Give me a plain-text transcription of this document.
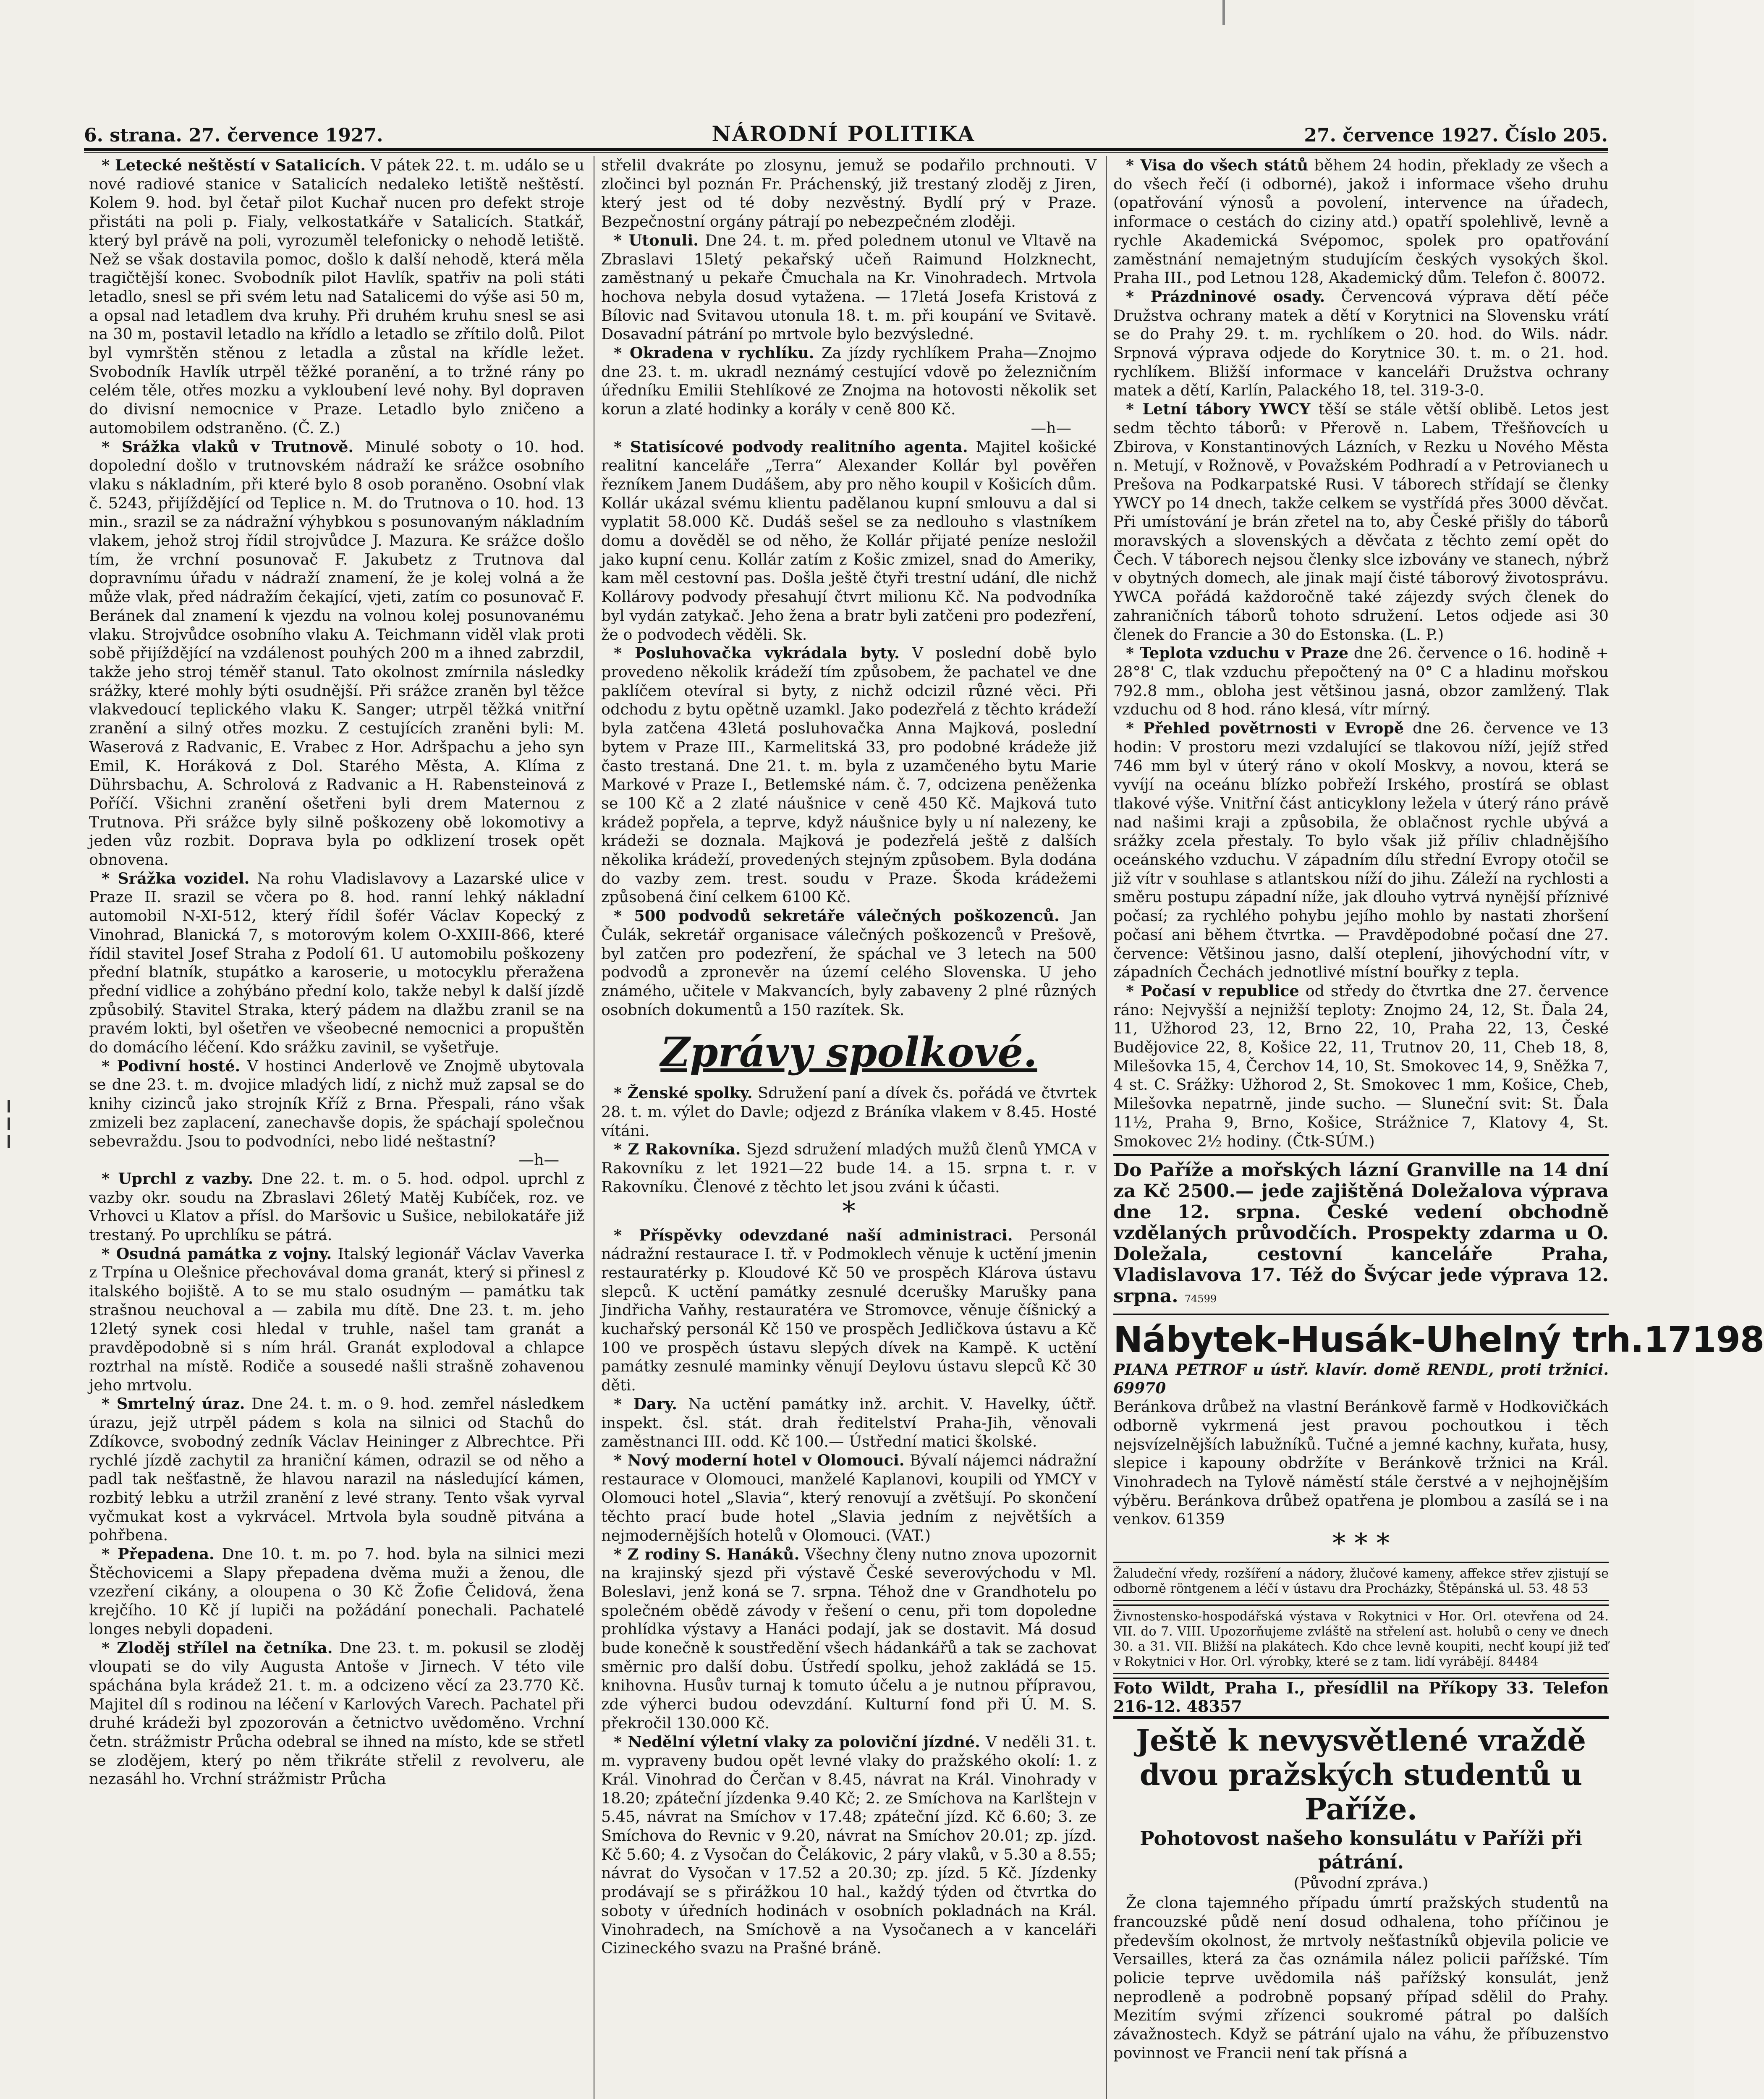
6. strana. 27. července 1927.	NÁRODNÍ POLITIKA	27. července 1927. Číslo 205.

* Letecké neštěstí v Satalicích. V pátek 22. t. m. událo se u nové radiové stanice v Satalicích nedaleko letiště neštěstí. Kolem 9. hod. byl četař pilot Kuchař nucen pro defekt stroje přistáti na poli p. Fialy, velkostatkáře v Satalicích. Statkář, který byl právě na poli, vyrozuměl telefonicky o nehodě letiště. Než se však dostavila pomoc, došlo k další nehodě, která měla tragičtější konec. Svobodník pilot Havlík, spatřiv na poli státi letadlo, snesl se při svém letu nad Satalicemi do výše asi 50 m, a opsal nad letadlem dva kruhy. Při druhém kruhu snesl se asi na 30 m, postavil letadlo na křídlo a letadlo se zřítilo dolů. Pilot byl vymrštěn stěnou z letadla a zůstal na křídle ležet. Svobodník Havlík utrpěl těžké poranění, a to tržné rány po celém těle, otřes mozku a vykloubení levé nohy. Byl dopraven do divisní nemocnice v Praze. Letadlo bylo zničeno a automobilem odstraněno. (Č. Z.)

* Srážka vlaků v Trutnově. Minulé soboty o 10. hod. dopolední došlo v trutnovském nádraží ke srážce osobního vlaku s nákladním, při které bylo 8 osob poraněno. Osobní vlak č. 5243, přijíždějící od Teplice n. M. do Trutnova o 10. hod. 13 min., srazil se za nádražní výhybkou s posunovaným nákladním vlakem, jehož stroj řídil strojvůdce J. Mazura. Ke srážce došlo tím, že vrchní posunovač F. Jakubetz z Trutnova dal dopravnímu úřadu v nádraží znamení, že je kolej volná a že může vlak, před nádražím čekající, vjeti, zatím co posunovač F. Beránek dal znamení k vjezdu na volnou kolej posunovanému vlaku. Strojvůdce osobního vlaku A. Teichmann viděl vlak proti sobě přijíždějící na vzdálenost pouhých 200 m a ihned zabrzdil, takže jeho stroj téměř stanul. Tato okolnost zmírnila následky srážky, které mohly býti osudnější. Při srážce zraněn byl těžce vlakvedoucí teplického vlaku K. Sanger; utrpěl těžká vnitřní zranění a silný otřes mozku. Z cestujících zraněni byli: M. Waserová z Radvanic, E. Vrabec z Hor. Adršpachu a jeho syn Emil, K. Horáková z Dol. Starého Města, A. Klíma z Dührsbachu, A. Schrolová z Radvanic a H. Rabensteinová z Poříčí. Všichni zranění ošetřeni byli drem Maternou z Trutnova. Při srážce byly silně poškozeny obě lokomotivy a jeden vůz rozbit. Doprava byla po odklizení trosek opět obnovena.

* Srážka vozidel. Na rohu Vladislavovy a Lazarské ulice v Praze II. srazil se včera po 8. hod. ranní lehký nákladní automobil N-XI-512, který řídil šofér Václav Kopecký z Vinohrad, Blanická 7, s motorovým kolem O-XXIII-866, které řídil stavitel Josef Straha z Podolí 61. U automobilu poškozeny přední blatník, stupátko a karoserie, u motocyklu přeražena přední vidlice a zohýbáno přední kolo, takže nebyl k další jízdě způsobilý. Stavitel Straka, který pádem na dlažbu zranil se na pravém lokti, byl ošetřen ve všeobecné nemocnici a propuštěn do domácího léčení. Kdo srážku zavinil, se vyšetřuje.

* Podivní hosté. V hostinci Anderlově ve Znojmě ubytovala se dne 23. t. m. dvojice mladých lidí, z nichž muž zapsal se do knihy cizinců jako strojník Kříž z Brna. Přespali, ráno však zmizeli bez zaplacení, zanechavše dopis, že spáchají společnou sebevraždu. Jsou to podvodníci, nebo lidé neštastní?

—h—

* Uprchl z vazby. Dne 22. t. m. o 5. hod. odpol. uprchl z vazby okr. soudu na Zbraslavi 26letý Matěj Kubíček, roz. ve Vrhovci u Klatov a přísl. do Maršovic u Sušice, nebilokatáře již trestaný. Po uprchlíku se pátrá.

* Osudná památka z vojny. Italský legionář Václav Vaverka z Trpína u Olešnice přechovával doma granát, který si přinesl z italského bojiště. A to se mu stalo osudným — památku tak strašnou neuchoval a — zabila mu dítě. Dne 23. t. m. jeho 12letý synek cosi hledal v truhle, našel tam granát a pravděpodobně si s ním hrál. Granát explodoval a chlapce roztrhal na místě. Rodiče a sousedé našli strašně zohavenou jeho mrtvolu.

* Smrtelný úraz. Dne 24. t. m. o 9. hod. zemřel následkem úrazu, jejž utrpěl pádem s kola na silnici od Stachů do Zdíkovce, svobodný zedník Václav Heininger z Albrechtce. Při rychlé jízdě zachytil za hraniční kámen, odrazil se od něho a padl tak nešťastně, že hlavou narazil na následující kámen, rozbitý lebku a utržil zranění z levé strany. Tento však vyrval vyčmukat kost a vykrvácel. Mrtvola byla soudně pitvána a pohřbena.

* Přepadena. Dne 10. t. m. po 7. hod. byla na silnici mezi Štěchovicemi a Slapy přepadena dvěma muži a ženou, dle vzezření cikány, a oloupena o 30 Kč Žofie Čelidová, žena krejčího. 10 Kč jí lupiči na požádání ponechali. Pachatelé longes nebyli dopadeni.

* Zloděj střílel na četníka. Dne 23. t. m. pokusil se zloděj vloupati se do vily Augusta Antoše v Jirnech. V této vile spáchána byla krádež 21. t. m. a odcizeno věcí za 23.770 Kč. Majitel díl s rodinou na léčení v Karlových Varech. Pachatel při druhé krádeži byl zpozorován a četnictvo uvědoměno. Vrchní četn. strážmistr Průcha odebral se ihned na místo, kde se střetl se zlodějem, který po něm třikráte střelil z revolveru, ale nezasáhl ho. Vrchní strážmistr Průcha

střelil dvakráte po zlosynu, jemuž se podařilo prchnouti. V zločinci byl poznán Fr. Práchenský, již trestaný zloděj z Jiren, který jest od té doby nezvěstný. Bydlí prý v Praze. Bezpečnostní orgány pátrají po nebezpečném zloději.

* Utonuli. Dne 24. t. m. před polednem utonul ve Vltavě na Zbraslavi 15letý pekařský učeň Raimund Holzknecht, zaměstnaný u pekaře Čmuchala na Kr. Vinohradech. Mrtvola hochova nebyla dosud vytažena. — 17letá Josefa Kristová z Bílovic nad Svitavou utonula 18. t. m. při koupání ve Svitavě. Dosavadní pátrání po mrtvole bylo bezvýsledné.

* Okradena v rychlíku. Za jízdy rychlíkem Praha—Znojmo dne 23. t. m. ukradl neznámý cestující vdově po železničním úředníku Emilii Stehlíkové ze Znojma na hotovosti několik set korun a zlaté hodinky a korály v ceně 800 Kč.

—h—

* Statisícové podvody realitního agenta. Majitel košické realitní kanceláře „Terra“ Alexander Kollár byl pověřen řezníkem Janem Dudášem, aby pro něho koupil v Košicích dům. Kollár ukázal svému klientu padělanou kupní smlouvu a dal si vyplatit 58.000 Kč. Dudáš sešel se za nedlouho s vlastníkem domu a dověděl se od něho, že Kollár přijaté peníze nesložil jako kupní cenu. Kollár zatím z Košic zmizel, snad do Ameriky, kam měl cestovní pas. Došla ještě čtyři trestní udání, dle nichž Kollárovy podvody přesahují čtvrt milionu Kč. Na podvodníka byl vydán zatykač. Jeho žena a bratr byli zatčeni pro podezření, že o podvodech věděli. Sk.

* Posluhovačka vykrádala byty. V poslední době bylo provedeno několik krádeží tím způsobem, že pachatel ve dne paklíčem otevíral si byty, z nichž odcizil různé věci. Při odchodu z bytu opětně uzamkl. Jako podezřelá z těchto krádeží byla zatčena 43letá posluhovačka Anna Majková, poslední bytem v Praze III., Karmelitská 33, pro podobné krádeže již často trestaná. Dne 21. t. m. byla z uzamčeného bytu Marie Markové v Praze I., Betlemské nám. č. 7, odcizena peněženka se 100 Kč a 2 zlaté náušnice v ceně 450 Kč. Majková tuto krádež popřela, a teprve, když náušnice byly u ní nalezeny, ke krádeži se doznala. Majková je podezřelá ještě z dalších několika krádeží, provedených stejným způsobem. Byla dodána do vazby zem. trest. soudu v Praze. Škoda krádežemi způsobená činí celkem 6100 Kč.

* 500 podvodů sekretáře válečných poškozenců. Jan Čulák, sekretář organisace válečných poškozenců v Prešově, byl zatčen pro podezření, že spáchal ve 3 letech na 500 podvodů a zpronevěr na území celého Slovenska. U jeho známého, učitele v Makvancích, byly zabaveny 2 plné různých osobních dokumentů a 150 razítek. Sk.

Zprávy spolkové.

* Ženské spolky. Sdružení paní a dívek čs. pořádá ve čtvrtek 28. t. m. výlet do Davle; odjezd z Bráníka vlakem v 8.45. Hosté vítáni.

* Z Rakovníka. Sjezd sdružení mladých mužů členů YMCA v Rakovníku z let 1921—22 bude 14. a 15. srpna t. r. v Rakovníku. Členové z těchto let jsou zváni k účasti.

*

* Příspěvky odevzdané naší administraci. Personál nádražní restaurace I. tř. v Podmoklech věnuje k uctění jmenin restauratérky p. Kloudové Kč 50 ve prospěch Klárova ústavu slepců. K uctění památky zesnulé dcerušky Marušky pana Jindřicha Vaňhy, restauratéra ve Stromovce, věnuje číšnický a kuchařský personál Kč 150 ve prospěch Jedličkova ústavu a Kč 100 ve prospěch ústavu slepých dívek na Kampě. K uctění památky zesnulé maminky věnují Deylovu ústavu slepců Kč 30 děti.

* Dary. Na uctění památky inž. archit. V. Havelky, účtř. inspekt. čsl. stát. drah ředitelství Praha-Jih, věnovali zaměstnanci III. odd. Kč 100.— Ústřední matici školské.

* Nový moderní hotel v Olomouci. Bývalí nájemci nádražní restaurace v Olomouci, manželé Kaplanovi, koupili od YMCY v Olomouci hotel „Slavia“, který renovují a zvětšují. Po skončení těchto prací bude hotel „Slavia jedním z největších a nejmodernějších hotelů v Olomouci. (VAT.)

* Z rodiny S. Hanáků. Všechny členy nutno znova upozornit na krajinský sjezd při výstavě České severovýchodu v Ml. Boleslavi, jenž koná se 7. srpna. Téhož dne v Grandhotelu po společném obědě závody v řešení o cenu, při tom dopoledne prohlídka výstavy a Hanáci podají, jak se dostavit. Má dosud bude konečně k soustředění všech hádankářů a tak se zachovat směrnic pro další dobu. Ústředí spolku, jehož zakládá se 15. knihovna. Husův turnaj k tomuto účelu a je nutnou přípravou, zde výherci budou odevzdání. Kulturní fond při Ú. M. S. překročil 130.000 Kč.

* Nedělní výletní vlaky za poloviční jízdné. V neděli 31. t. m. vypraveny budou opět levné vlaky do pražského okolí: 1. z Král. Vinohrad do Čerčan v 8.45, návrat na Král. Vinohrady v 18.20; zpáteční jízdenka 9.40 Kč; 2. ze Smíchova na Karlštejn v 5.45, návrat na Smíchov v 17.48; zpáteční jízd. Kč 6.60; 3. ze Smíchova do Revnic v 9.20, návrat na Smíchov 20.01; zp. jízd. Kč 5.60; 4. z Vysočan do Čelákovic, 2 páry vlaků, v 5.30 a 8.55; návrat do Vysočan v 17.52 a 20.30; zp. jízd. 5 Kč. Jízdenky prodávají se s přirážkou 10 hal., každý týden od čtvrtka do soboty v úředních hodinách v osobních pokladnách na Král. Vinohradech, na Smíchově a na Vysočanech a v kanceláři Cizineckého svazu na Prašné bráně.

* Visa do všech států během 24 hodin, překlady ze všech a do všech řečí (i odborné), jakož i informace všeho druhu (opatřování výnosů a povolení, intervence na úřadech, informace o cestách do ciziny atd.) opatří spolehlivě, levně a rychle Akademická Svépomoc, spolek pro opatřování zaměstnání nemajetným studujícím českých vysokých škol. Praha III., pod Letnou 128, Akademický dům. Telefon č. 80072.

* Prázdninové osady. Červencová výprava dětí péče Družstva ochrany matek a dětí v Korytnici na Slovensku vrátí se do Prahy 29. t. m. rychlíkem o 20. hod. do Wils. nádr. Srpnová výprava odjede do Korytnice 30. t. m. o 21. hod. rychlíkem. Bližší informace v kanceláři Družstva ochrany matek a dětí, Karlín, Palackého 18, tel. 319-3-0.

* Letní tábory YWCY těší se stále větší oblibě. Letos jest sedm těchto táborů: v Přerově n. Labem, Třešňovcích u Zbirova, v Konstantinových Lázních, v Rezku u Nového Města n. Metují, v Rožnově, v Považském Podhradí a v Petrovianech u Prešova na Podkarpatské Rusi. V táborech střídají se členky YWCY po 14 dnech, takže celkem se vystřídá přes 3000 děvčat. Při umístování je brán zřetel na to, aby České přišly do táborů moravských a slovenských a děvčata z těchto zemí opět do Čech. V táborech nejsou členky slce izbovány ve stanech, nýbrž v obytných domech, ale jinak mají čisté táborový životosprávu. YWCA pořádá každoročně také zájezdy svých členek do zahraničních táborů tohoto sdružení. Letos odjede asi 30 členek do Francie a 30 do Estonska. (L. P.)

* Teplota vzduchu v Praze dne 26. července o 16. hodině + 28°8' C, tlak vzduchu přepočtený na 0° C a hladinu mořskou 792.8 mm., obloha jest většinou jasná, obzor zamlžený. Tlak vzduchu od 8 hod. ráno klesá, vítr mírný.

* Přehled povětrnosti v Evropě dne 26. července ve 13 hodin: V prostoru mezi vzdalující se tlakovou níží, jejíž střed 746 mm byl v úterý ráno v okolí Moskvy, a novou, která se vyvíjí na oceánu blízko pobřeží Irského, prostírá se oblast tlakové výše. Vnitřní část anticyklony ležela v úterý ráno právě nad našimi kraji a způsobila, že oblačnost rychle ubývá a srážky zcela přestaly. To bylo však již příliv chladnějšího oceánského vzduchu. V západním dílu střední Evropy otočil se již vítr v souhlase s atlantskou níží do jihu. Záleží na rychlosti a směru postupu západní níže, jak dlouho vytrvá nynější příznivé počasí; za rychlého pohybu jejího mohlo by nastati zhoršení počasí ani během čtvrtka. — Pravděpodobné počasí dne 27. července: Většinou jasno, další oteplení, jihovýchodní vítr, v západních Čechách jednotlivé místní bouřky z tepla.

* Počasí v republice od středy do čtvrtka dne 27. července ráno: Nejvyšší a nejnižší teploty: Znojmo 24, 12, St. Ďala 24, 11, Užhorod 23, 12, Brno 22, 10, Praha 22, 13, České Budějovice 22, 8, Košice 22, 11, Trutnov 20, 11, Cheb 18, 8, Milešovka 15, 4, Čerchov 14, 10, St. Smokovec 14, 9, Sněžka 7, 4 st. C. Srážky: Užhorod 2, St. Smokovec 1 mm, Košice, Cheb, Milešovka nepatrně, jinde sucho. — Sluneční svit: St. Ďala 11½, Praha 9, Brno, Košice, Strážnice 7, Klatovy 4, St. Smokovec 2½ hodiny. (Čtk-SÚM.)

Do Paříže a mořských lázní Granville na 14 dní za Kč 2500.— jede zajištěná Doležalova výprava dne 12. srpna. České vedení obchodně vzdělaných průvodčích. Prospekty zdarma u O. Doležala, cestovní kanceláře Praha, Vladislavova 17. Též do Švýcar jede výprava 12. srpna. 74599
Nábytek-Husák-Uhelný trh.17198
PIANA PETROF u ústř. klavír. domě RENDL, proti tržnici. 69970

Beránkova drůbež na vlastní Beránkově farmě v Hodkovičkách odborně vykrmená jest pravou pochoutkou i těch nejsvízelnějších labužníků. Tučné a jemné kachny, kuřata, husy, slepice i kapouny obdržíte v Beránkově tržnici na Král. Vinohradech na Tylově náměstí stále čerstvé a v nejhojnějším výběru. Beránkova drůbež opatřena je plombou a zasílá se i na venkov. 61359

* * *
Žaludeční vředy, rozšíření a nádory, žlučové kameny, affekce střev zjistují se odborně röntgenem a léčí v ústavu dra Procházky, Štěpánská ul. 53. 48 53
Živnostensko-hospodářská výstava v Rokytnici v Hor. Orl. otevřena od 24. VII. do 7. VIII. Upozorňujeme zvláště na střelení ast. holubů o ceny ve dnech 30. a 31. VII. Bližší na plakátech. Kdo chce levně koupiti, nechť koupí již teď v Rokytnici v Hor. Orl. výrobky, které se z tam. lidí vyrábějí. 84484
Foto Wildt, Praha I., přesídlil na Příkopy 33. Telefon 216-12. 48357
Ještě k nevysvětlené vraždě dvou pražských studentů u Paříže.
Pohotovost našeho konsulátu v Paříži při pátrání.
(Původní zpráva.)

Že clona tajemného případu úmrtí pražských studentů na francouzské půdě není dosud odhalena, toho příčinou je především okolnost, že mrtvoly nešťastníků objevila policie ve Versailles, která za čas oznámila nález policii pařížské. Tím policie teprve uvědomila náš pařížský konsulát, jenž neprodleně a podrobně popsaný případ sdělil do Prahy. Mezitím svými zřízenci soukromé pátral po dalších závažnostech. Když se pátrání ujalo na váhu, že příbuzenstvo povinnost ve Francii není tak přísná a
